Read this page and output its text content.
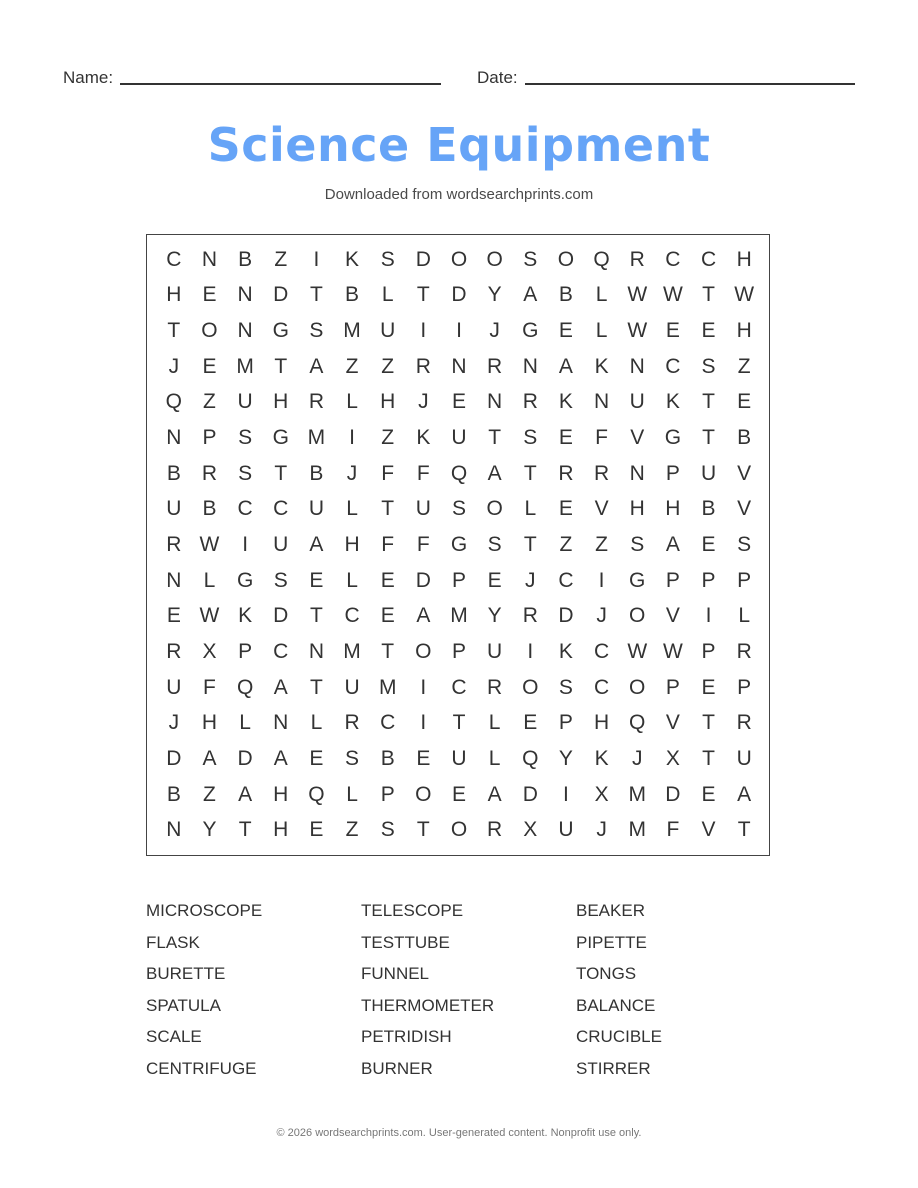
Name:	Date:
Science Equipment
Downloaded from wordsearchprints.com
C N	B	Z	I	K	S	D O O S O Q R C C H
H	E	N D	T	B	L	T	D	Y	A	B	L W W T W
T	O N G S M U	I	I	J	G E	L W E	E	H
J	E M T	A	Z	Z	R N R N	A	K	N C	S	Z
Q	Z	U H R	L	H	J	E	N R	K	N U	K	T	E
N	P	S G M	I	Z	K	U	T	S	E	F	V G	T	B
B	R	S	T	B	J	F	F	Q A	T	R R N	P	U	V
U	B	C C U	L	T	U	S O	L	E	V	H H	B	V
R W	I	U	A	H	F	F	G S	T	Z	Z	S	A	E	S
N	L	G S	E	L	E	D	P	E	J	C	I	G P	P	P
E W K	D	T	C	E	A M Y	R D	J	O V	I	L
R	X	P	C N M T	O P	U	I	K	C W W P	R
U	F	Q A	T	U M	I	C R O S	C O P	E	P
J	H	L	N	L	R C	I	T	L	E	P	H Q V	T	R
D	A	D	A	E	S	B	E	U	L	Q Y	K	J	X	T	U
B	Z	A	H Q	L	P O E	A	D	I	X M D	E	A
N	Y	T	H	E	Z	S	T	O R	X	U	J	M F	V	T
MICROSCOPE	TELESCOPE	BEAKER
FLASK	TESTTUBE	PIPETTE
BURETTE	FUNNEL	TONGS
SPATULA	THERMOMETER	BALANCE
SCALE	PETRIDISH	CRUCIBLE
CENTRIFUGE	BURNER	STIRRER
© 2026 wordsearchprints.com. User-generated content. Nonprofit use only.
